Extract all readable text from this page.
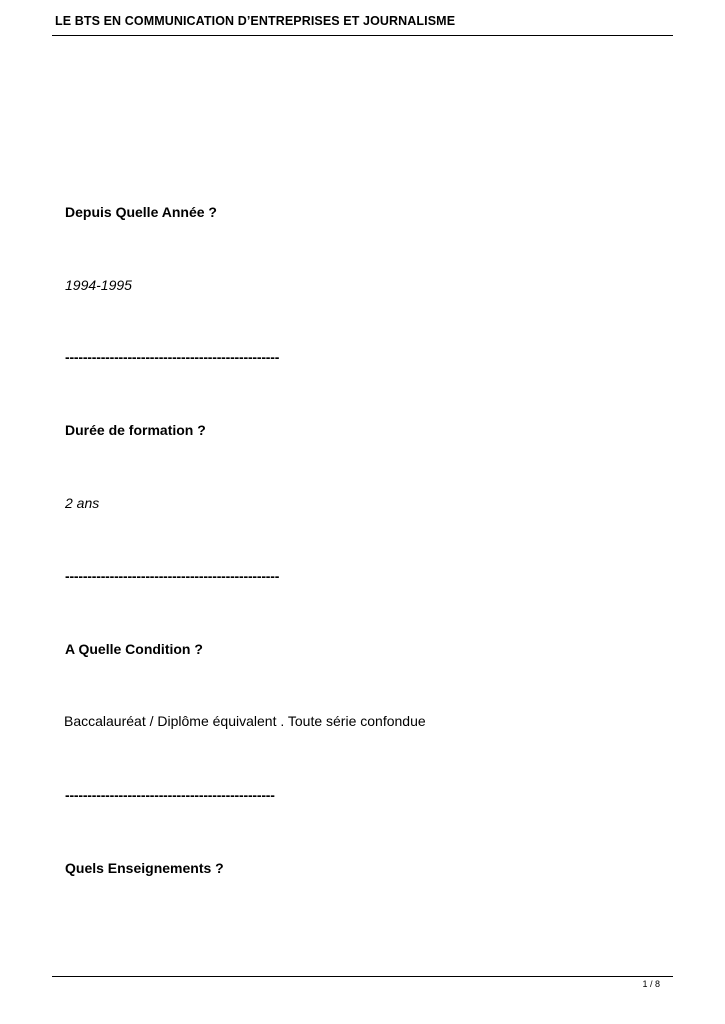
LE BTS EN COMMUNICATION D’ENTREPRISES ET JOURNALISME
Depuis Quelle Année ?
1994-1995
------------------------------------------------
Durée de formation ?
2 ans
------------------------------------------------
A Quelle Condition ?
Baccalauréat / Diplôme équivalent . Toute série confondue
-----------------------------------------------
Quels Enseignements ?
1 / 8
